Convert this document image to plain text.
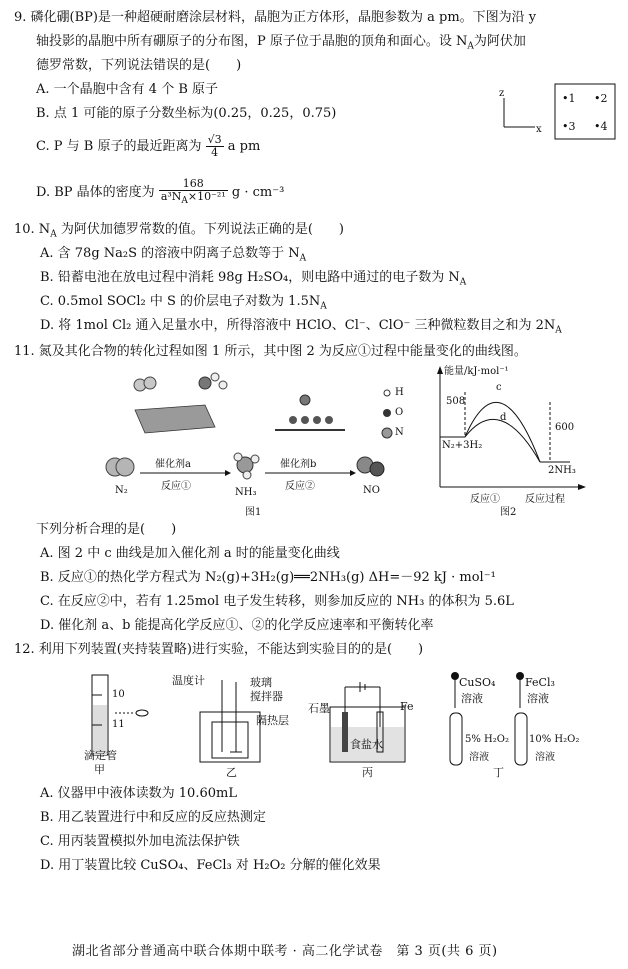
9. 磷化硼(BP)是一种超硬耐磨涂层材料，晶胞为正方体形，晶胞参数为 a pm。下图为沿 y
轴投影的晶胞中所有硼原子的分布图，P 原子位于晶胞的顶角和面心。设 $N_A$为阿伏加
德罗常数，下列说法错误的是(　　)
A. 一个晶胞中含有 4 个 B 原子
B. 点 1 可能的原子分数坐标为(0.25，0.25，0.75)
C. P 与 B 原子的最近距离为 $\frac{√3}{4}$ a pm
D. BP 晶体的密度为 $\frac{168}{a^3N_A\times 10^{-21}}$ g · cm⁻³
z
x
•1 •2
•3 •4
10. $N_A$ 为阿伏加德罗常数的值。下列说法正确的是(　　)
A. 含 78g Na₂S 的溶液中阴离子总数等于 $N_A$
B. 铅蓄电池在放电过程中消耗 98g H₂SO₄，则电路中通过的电子数为 $N_A$
C. 0.5mol SOCl₂ 中 S 的价层电子对数为 $1.5N_A$
D. 将 1mol Cl₂ 通入足量水中，所得溶液中 HClO、Cl⁻、ClO⁻ 三种微粒数目之和为 $2N_A$
11. 氮及其化合物的转化过程如图 1 所示，其中图 2 为反应①过程中能量变化的曲线图。
催化剂a
反应①
催化剂b
反应②
N₂	NH₃	NO
图1
H
O
N
能量/kJ·mol⁻¹
508
600
N₂+3H₂
2NH₃
c
d
反应①	反应过程
图2
下列分析合理的是(　　)
A. 图 2 中 c 曲线是加入催化剂 a 时的能量变化曲线
B. 反应①的热化学方程式为 N₂(g)+3H₂(g)══2NH₃(g) ΔH=－92 kJ · mol⁻¹
C. 在反应②中，若有 1.25mol 电子发生转移，则参加反应的 NH₃ 的体积为 5.6L
D. 催化剂 a、b 能提高化学反应①、②的化学反应速率和平衡转化率
12. 利用下列装置(夹持装置略)进行实验，不能达到实验目的的是(　　)
10
11
滴定管
甲
温度计	玻璃
搅拌器
隔热层
乙
石墨	Fe
食盐水
丙
CuSO₄
溶液
FeCl₃
溶液
5% H₂O₂
溶液
10% H₂O₂
溶液
丁
A. 仪器甲中液体读数为 10.60mL
B. 用乙装置进行中和反应的反应热测定
C. 用丙装置模拟外加电流法保护铁
D. 用丁装置比较 CuSO₄、FeCl₃ 对 H₂O₂ 分解的催化效果
湖北省部分普通高中联合体期中联考 · 高二化学试卷　第 3 页(共 6 页)
